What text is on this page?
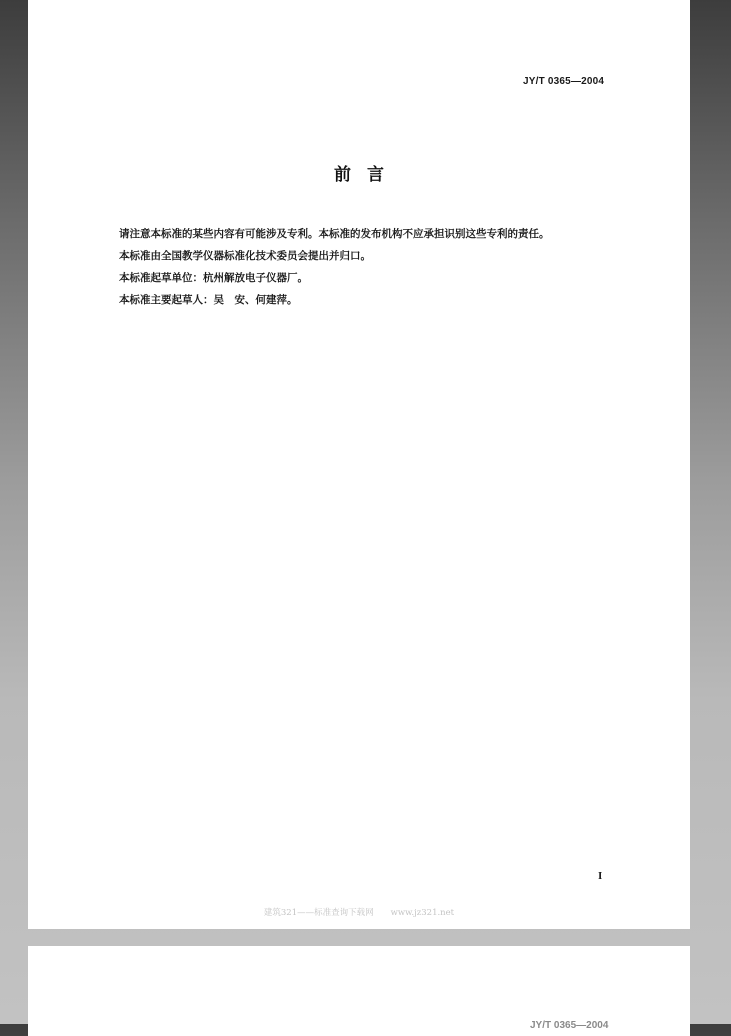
JY/T 0365—2004
前言

请注意本标准的某些内容有可能涉及专利。本标准的发布机构不应承担识别这些专利的责任。

本标准由全国教学仪器标准化技术委员会提出并归口。

本标准起草单位：杭州解放电子仪器厂。

本标准主要起草人：吴　安、何建萍。

I
建筑321——标准查询下载网　　www.jz321.net
JY/T 0365—2004
